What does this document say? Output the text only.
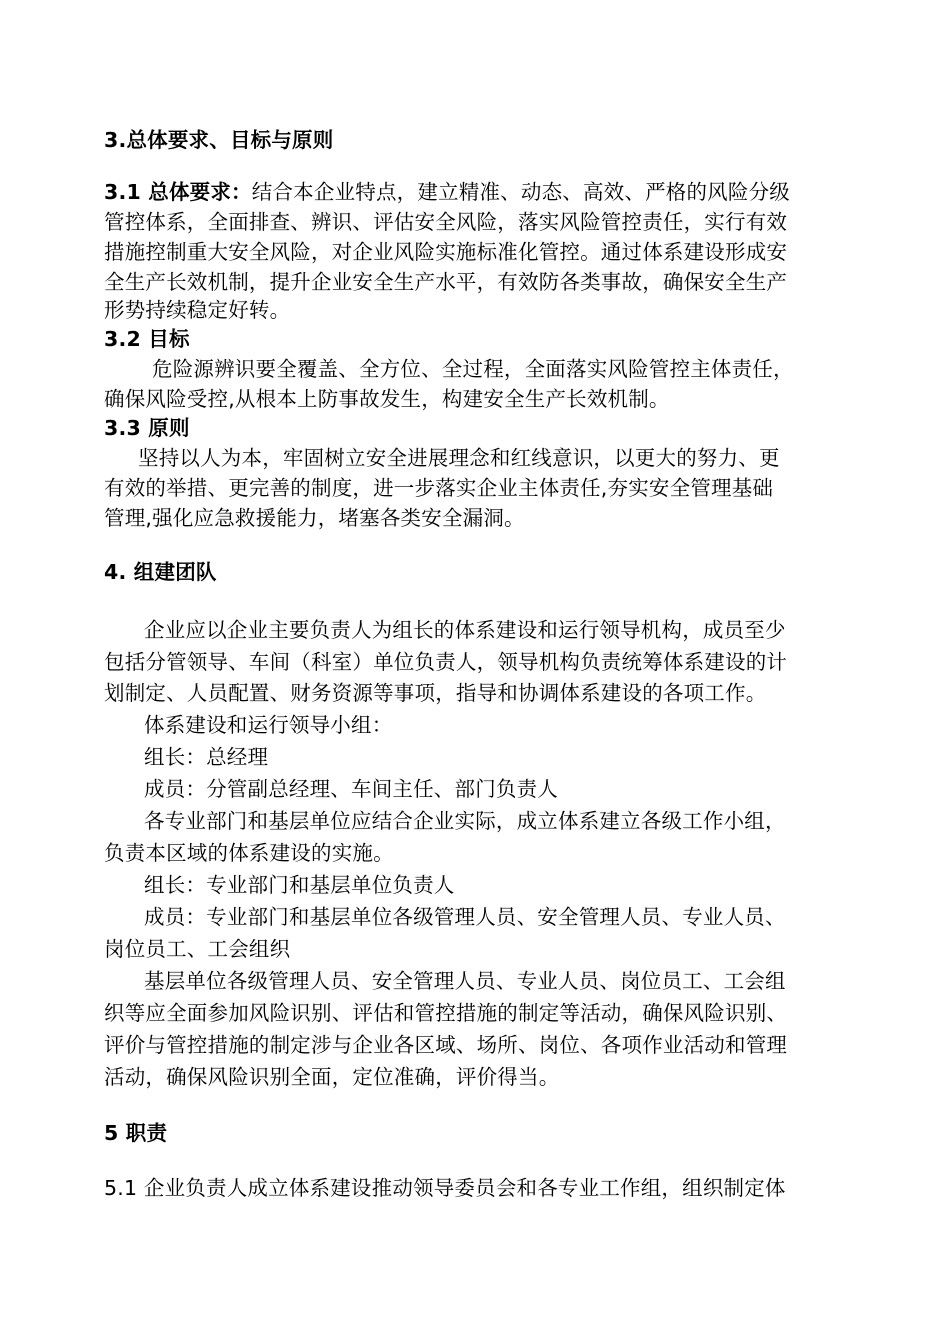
3.总体要求、目标与原则
3.1 总体要求：结合本企业特点，建立精准、动态、高效、严格的风险分级
管控体系，全面排查、辨识、评估安全风险，落实风险管控责任，实行有效
措施控制重大安全风险，对企业风险实施标准化管控。通过体系建设形成安
全生产长效机制，提升企业安全生产水平，有效防各类事故，确保安全生产
形势持续稳定好转。
3.2 目标
危险源辨识要全覆盖、全方位、全过程，全面落实风险管控主体责任，
确保风险受控,从根本上防事故发生，构建安全生产长效机制。
3.3 原则
坚持以人为本，牢固树立安全进展理念和红线意识，以更大的努力、更
有效的举措、更完善的制度，进一步落实企业主体责任,夯实安全管理基础
管理,强化应急救援能力，堵塞各类安全漏洞。
4. 组建团队
企业应以企业主要负责人为组长的体系建设和运行领导机构，成员至少
包括分管领导、车间（科室）单位负责人，领导机构负责统筹体系建设的计
划制定、人员配置、财务资源等事项，指导和协调体系建设的各项工作。
体系建设和运行领导小组：
组长：总经理
成员：分管副总经理、车间主任、部门负责人
各专业部门和基层单位应结合企业实际，成立体系建立各级工作小组，
负责本区域的体系建设的实施。
组长：专业部门和基层单位负责人
成员：专业部门和基层单位各级管理人员、安全管理人员、专业人员、
岗位员工、工会组织
基层单位各级管理人员、安全管理人员、专业人员、岗位员工、工会组
织等应全面参加风险识别、评估和管控措施的制定等活动，确保风险识别、
评价与管控措施的制定涉与企业各区域、场所、岗位、各项作业活动和管理
活动，确保风险识别全面，定位准确，评价得当。
5 职责
5.1 企业负责人成立体系建设推动领导委员会和各专业工作组，组织制定体
